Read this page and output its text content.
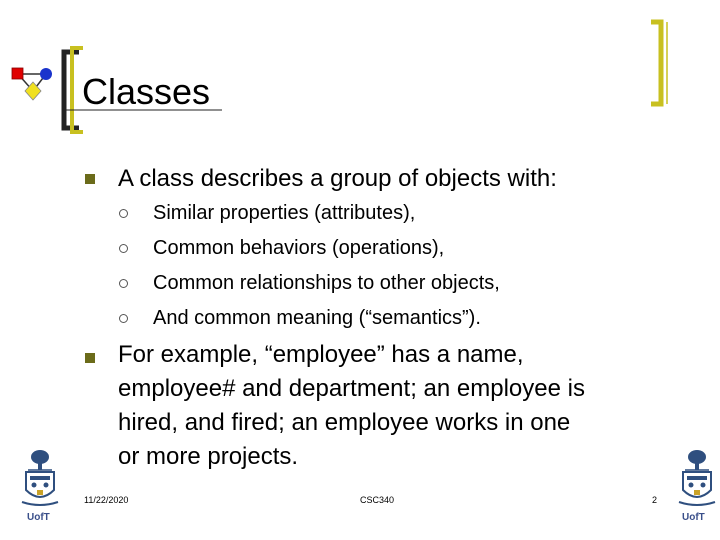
Classes
A class describes a group of objects with:
Similar properties (attributes),
Common behaviors (operations),
Common relationships to other objects,
And common meaning (“semantics”).
For example, “employee” has a name,
employee# and department; an employee is
hired, and fired; an employee works in one
or more projects.
11/22/2020	CSC340	2
UofT	UofT
